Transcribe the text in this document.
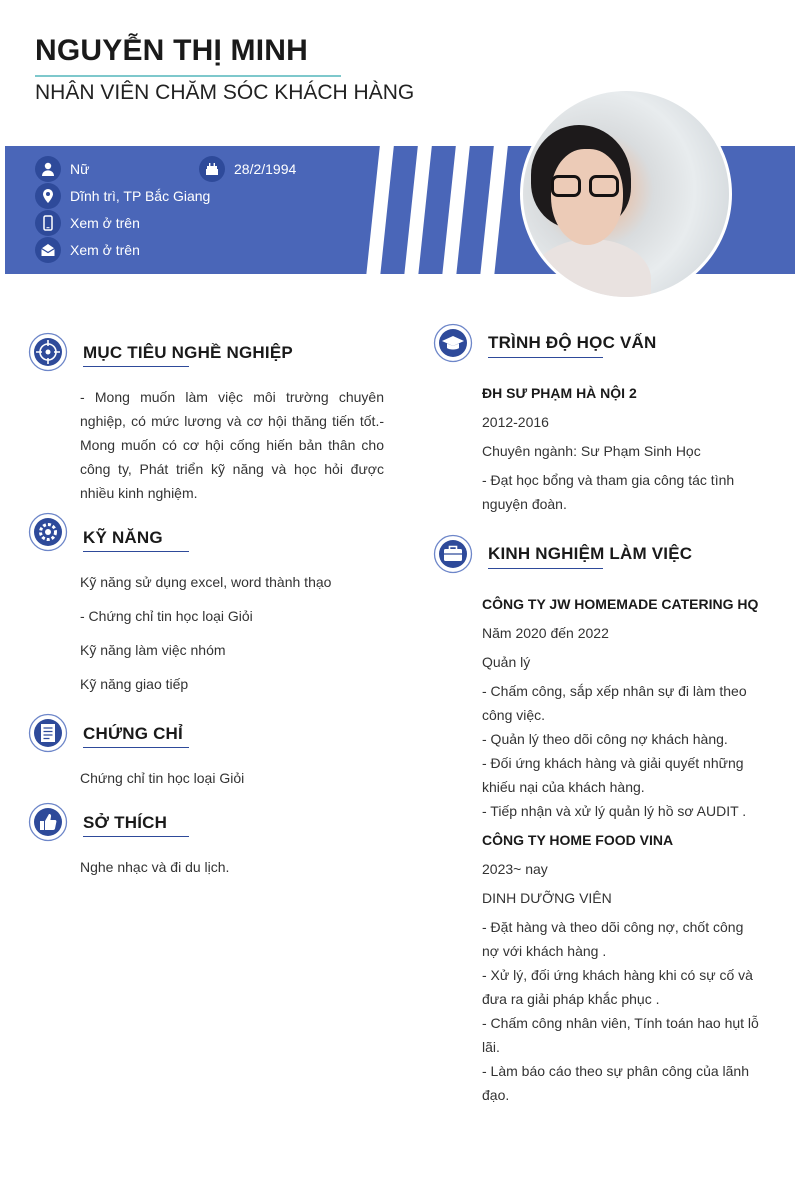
NGUYỄN THỊ MINH
NHÂN VIÊN CHĂM SÓC KHÁCH HÀNG
Nữ	28/2/1994
Dĩnh trì, TP Bắc Giang
Xem ở trên
Xem ở trên
MỤC TIÊU NGHỀ NGHIỆP
- Mong muốn làm việc môi trường chuyên nghiệp, có mức lương và cơ hội thăng tiến tốt.- Mong muốn có cơ hội cống hiến bản thân cho công ty, Phát triển kỹ năng và học hỏi được nhiều kinh nghiệm.
KỸ NĂNG
Kỹ năng sử dụng excel, word thành thạo
- Chứng chỉ tin học loại Giỏi
Kỹ năng làm việc nhóm
Kỹ năng giao tiếp
CHỨNG CHỈ
Chứng chỉ tin học loại Giỏi
SỞ THÍCH
Nghe nhạc và đi du lịch.
TRÌNH ĐỘ HỌC VẤN
ĐH SƯ PHẠM HÀ NỘI 2
2012-2016
Chuyên ngành: Sư Phạm Sinh Học
- Đạt học bổng và tham gia công tác tình nguyện đoàn.
KINH NGHIỆM LÀM VIỆC
CÔNG TY JW HOMEMADE CATERING HQ
Năm 2020 đến 2022
Quản lý
- Chấm công, sắp xếp nhân sự đi làm theo công việc.
- Quản lý theo dõi công nợ khách hàng.
- Đối ứng khách hàng và giải quyết những khiếu nại của khách hàng.
- Tiếp nhận và xử lý quản lý hồ sơ AUDIT .
CÔNG TY HOME FOOD VINA
2023~ nay
DINH DƯỠNG VIÊN
- Đặt hàng và theo dõi công nợ, chốt công nợ với khách hàng .
- Xử lý, đối ứng khách hàng khi có sự cố và đưa ra giải pháp khắc phục .
- Chấm công nhân viên, Tính toán hao hụt lỗ lãi.
- Làm báo cáo theo sự phân công của lãnh đạo.
